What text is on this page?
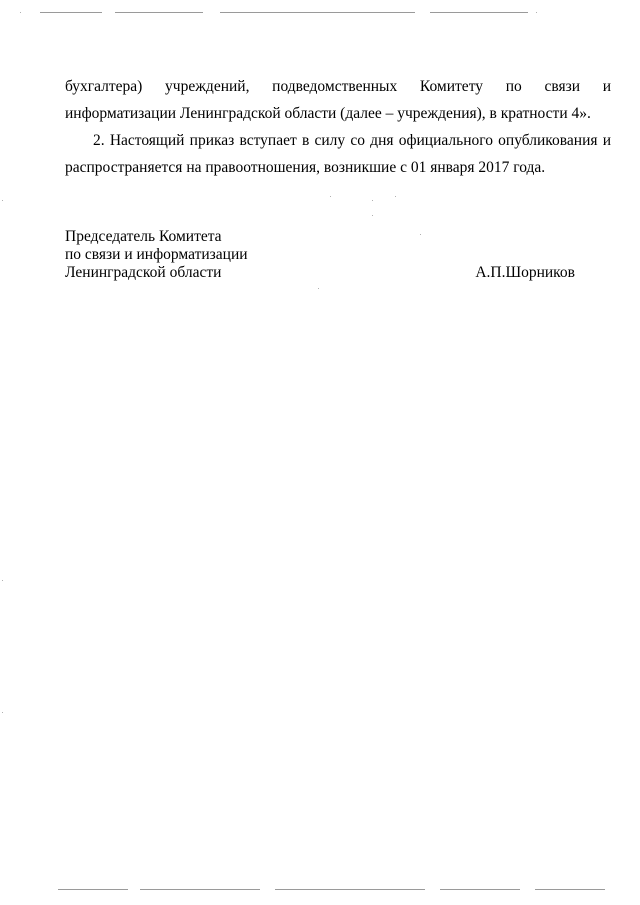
бухгалтера) учреждений, подведомственных Комитету по связи и информатизации Ленинградской области (далее – учреждения), в кратности 4».

2. Настоящий приказ вступает в силу со дня официального опубликования и распространяется на правоотношения, возникшие с 01 января 2017 года.

Председатель Комитета
по связи и информатизации
Ленинградской области	А.П.Шорников
